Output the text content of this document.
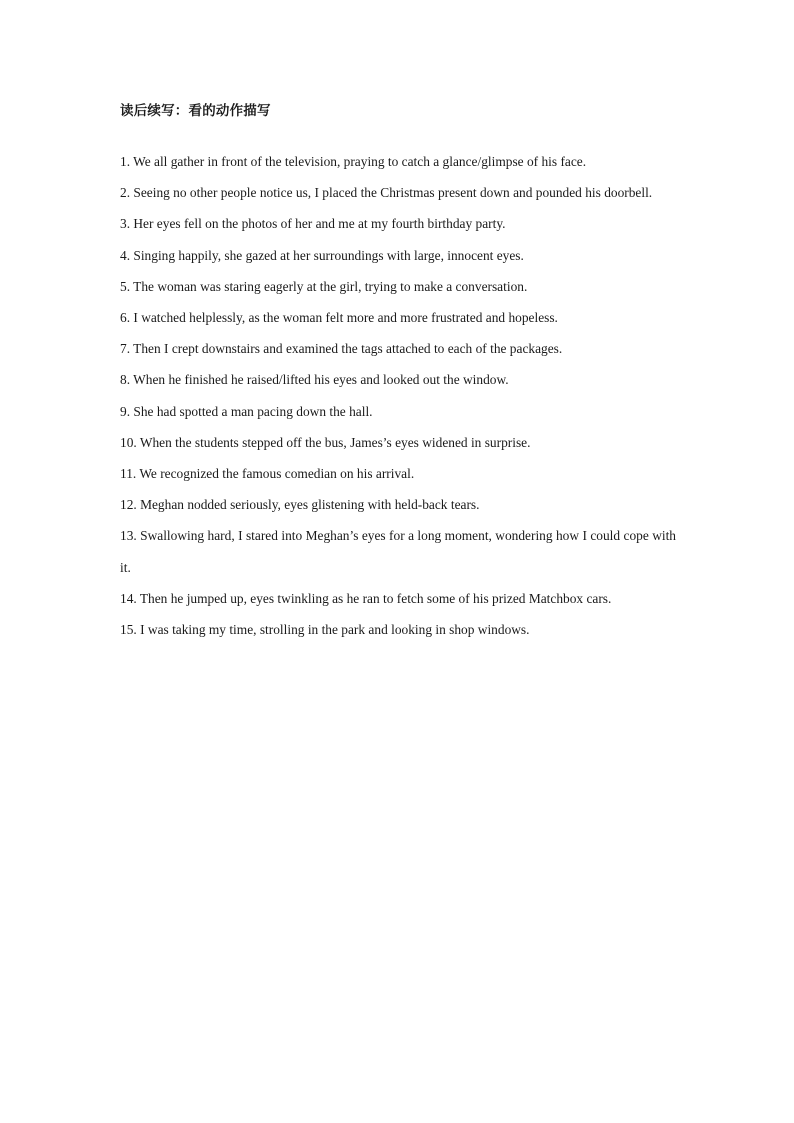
读后续写：看的动作描写

1. We all gather in front of the television, praying to catch a glance/glimpse of his face.

2. Seeing no other people notice us, I placed the Christmas present down and pounded his doorbell.

3. Her eyes fell on the photos of her and me at my fourth birthday party.

4. Singing happily, she gazed at her surroundings with large, innocent eyes.

5. The woman was staring eagerly at the girl, trying to make a conversation.

6. I watched helplessly, as the woman felt more and more frustrated and hopeless.

7. Then I crept downstairs and examined the tags attached to each of the packages.

8. When he finished he raised/lifted his eyes and looked out the window.

9. She had spotted a man pacing down the hall.

10. When the students stepped off the bus, James’s eyes widened in surprise.

11. We recognized the famous comedian on his arrival.

12. Meghan nodded seriously, eyes glistening with held-back tears.

13. Swallowing hard, I stared into Meghan’s eyes for a long moment, wondering how I could cope with it.

14. Then he jumped up, eyes twinkling as he ran to fetch some of his prized Matchbox cars.

15. I was taking my time, strolling in the park and looking in shop windows.
